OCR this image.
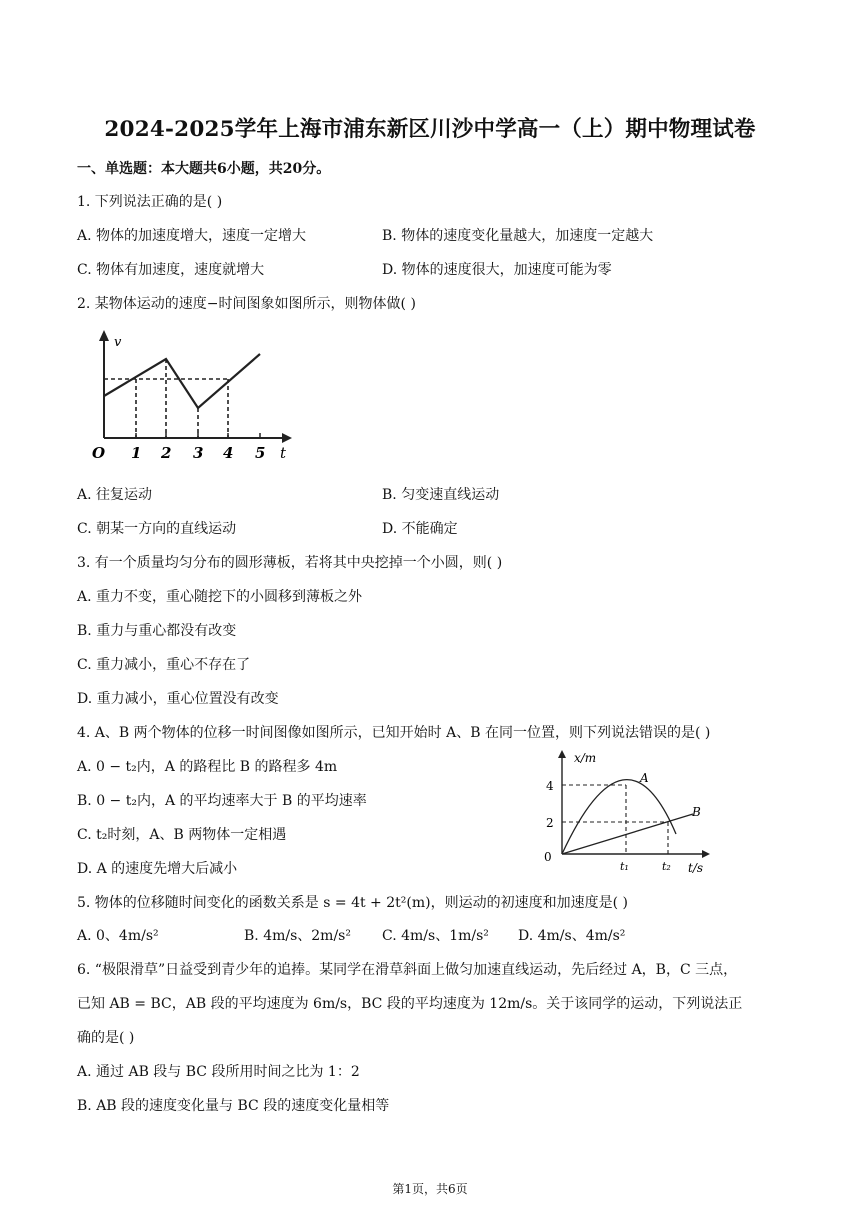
2024-2025学年上海市浦东新区川沙中学高一（上）期中物理试卷
一、单选题：本大题共6小题，共20分。
1. 下列说法正确的是( )
A. 物体的加速度增大，速度一定增大	B. 物体的速度变化量越大，加速度一定越大
C. 物体有加速度，速度就增大	D. 物体的速度很大，加速度可能为零
2. 某物体运动的速度−时间图象如图所示，则物体做( )
v
O 1 2 3 4 5 t
A. 往复运动	B. 匀变速直线运动
C. 朝某一方向的直线运动	D. 不能确定
3. 有一个质量均匀分布的圆形薄板，若将其中央挖掉一个小圆，则( )
A. 重力不变，重心随挖下的小圆移到薄板之外
B. 重力与重心都没有改变
C. 重力减小，重心不存在了
D. 重力减小，重心位置没有改变
4. A、B 两个物体的位移一时间图像如图所示，已知开始时 A、B 在同一位置，则下列说法错误的是( )
A. 0 − t₂内，A 的路程比 B 的路程多 4m
B. 0 − t₂内，A 的平均速率大于 B 的平均速率
C. t₂时刻，A、B 两物体一定相遇
D. A 的速度先增大后减小
x/m
4
2
0
t₁	t₂ t/s
A
B
5. 物体的位移随时间变化的函数关系是 s = 4t + 2t²(m)，则运动的初速度和加速度是( )
A. 0、4m/s²	B. 4m/s、2m/s² C. 4m/s、1m/s² D. 4m/s、4m/s²
6. “极限滑草”日益受到青少年的追捧。某同学在滑草斜面上做匀加速直线运动，先后经过 A，B，C 三点，
已知 AB = BC，AB 段的平均速度为 6m/s，BC 段的平均速度为 12m/s。关于该同学的运动，下列说法正
确的是( )
A. 通过 AB 段与 BC 段所用时间之比为 1：2
B. AB 段的速度变化量与 BC 段的速度变化量相等
第1页，共6页
